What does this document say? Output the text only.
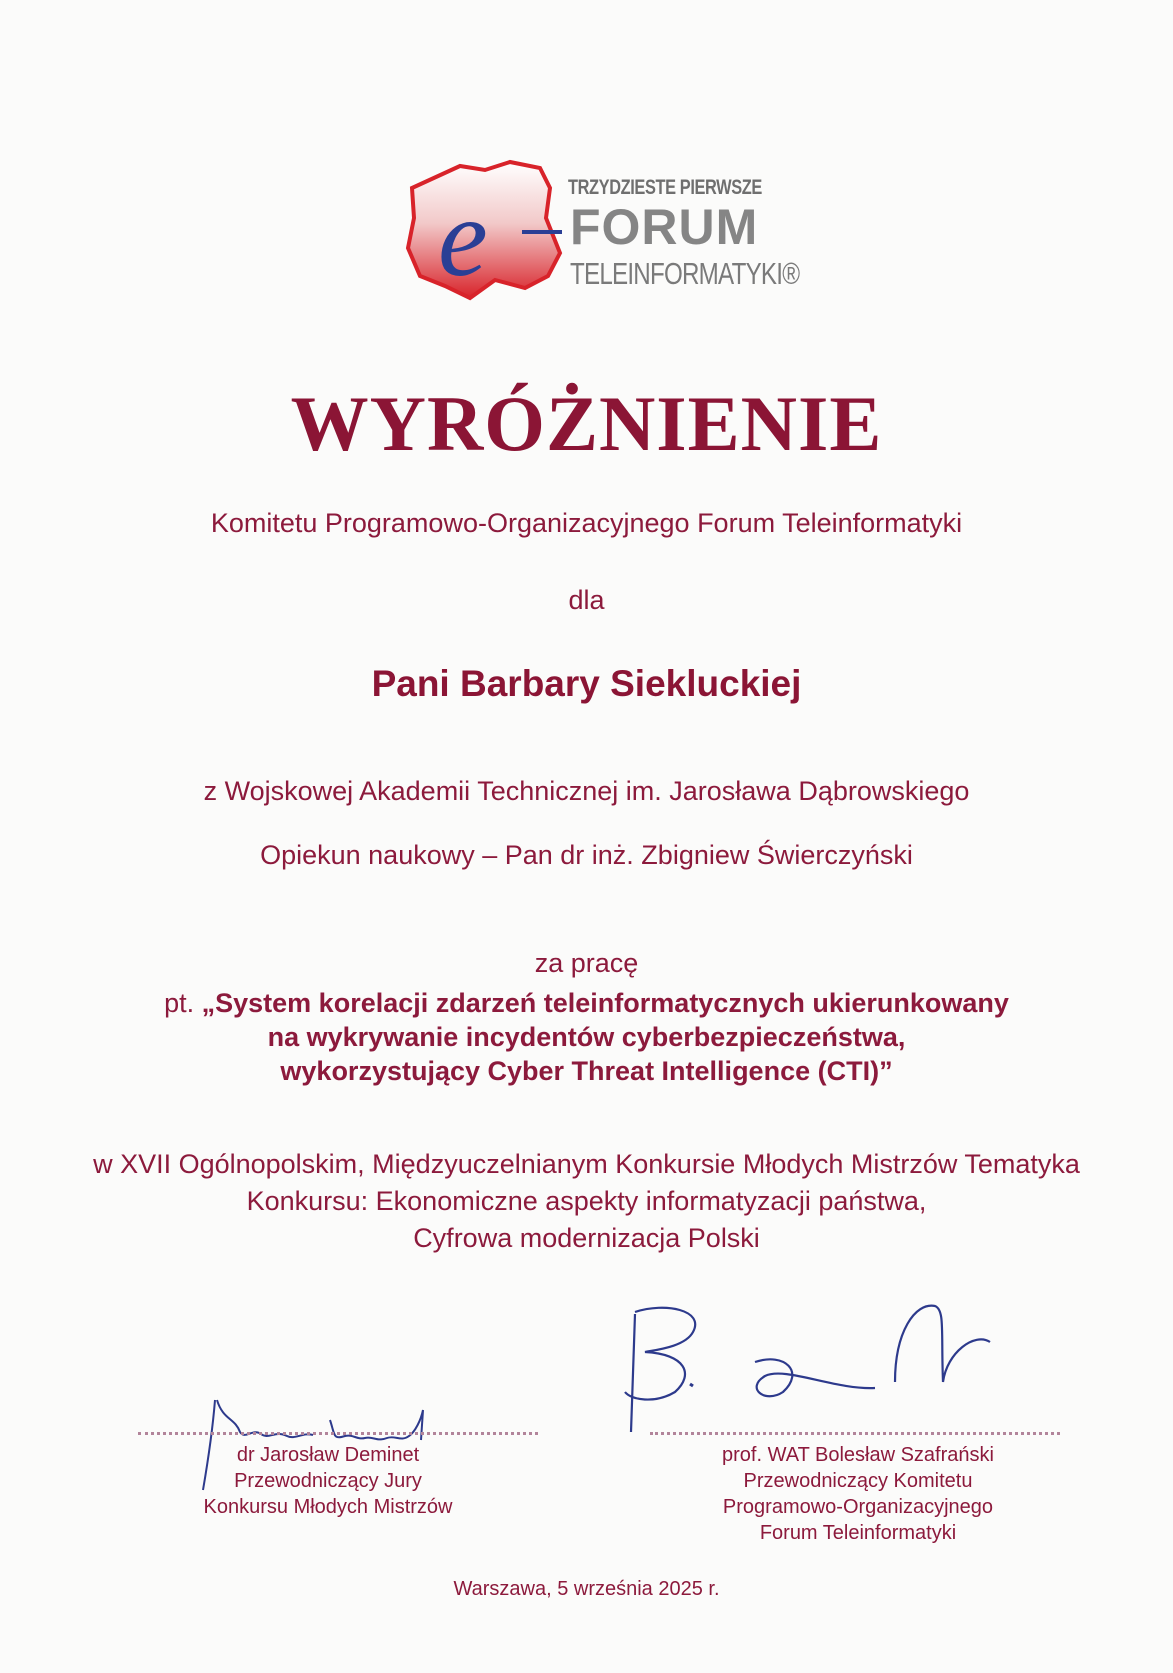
e	TRZYDZIESTE PIERWSZE
FORUM
TELEINFORMATYKI®
WYRÓŻNIENIE
Komitetu Programowo-Organizacyjnego Forum Teleinformatyki
dla
Pani Barbary Siekluckiej
z Wojskowej Akademii Technicznej im. Jarosława Dąbrowskiego
Opiekun naukowy – Pan dr inż. Zbigniew Świerczyński
za pracę
pt. „System korelacji zdarzeń teleinformatycznych ukierunkowany
na wykrywanie incydentów cyberbezpieczeństwa,
wykorzystujący Cyber Threat Intelligence (CTI)”
w XVII Ogólnopolskim, Międzyuczelnianym Konkursie Młodych Mistrzów Tematyka
Konkursu: Ekonomiczne aspekty informatyzacji państwa,
Cyfrowa modernizacja Polski
dr Jarosław Deminet
Przewodniczący Jury
Konkursu Młodych Mistrzów
prof. WAT Bolesław Szafrański
Przewodniczący Komitetu
Programowo-Organizacyjnego
Forum Teleinformatyki
Warszawa, 5 września 2025 r.
